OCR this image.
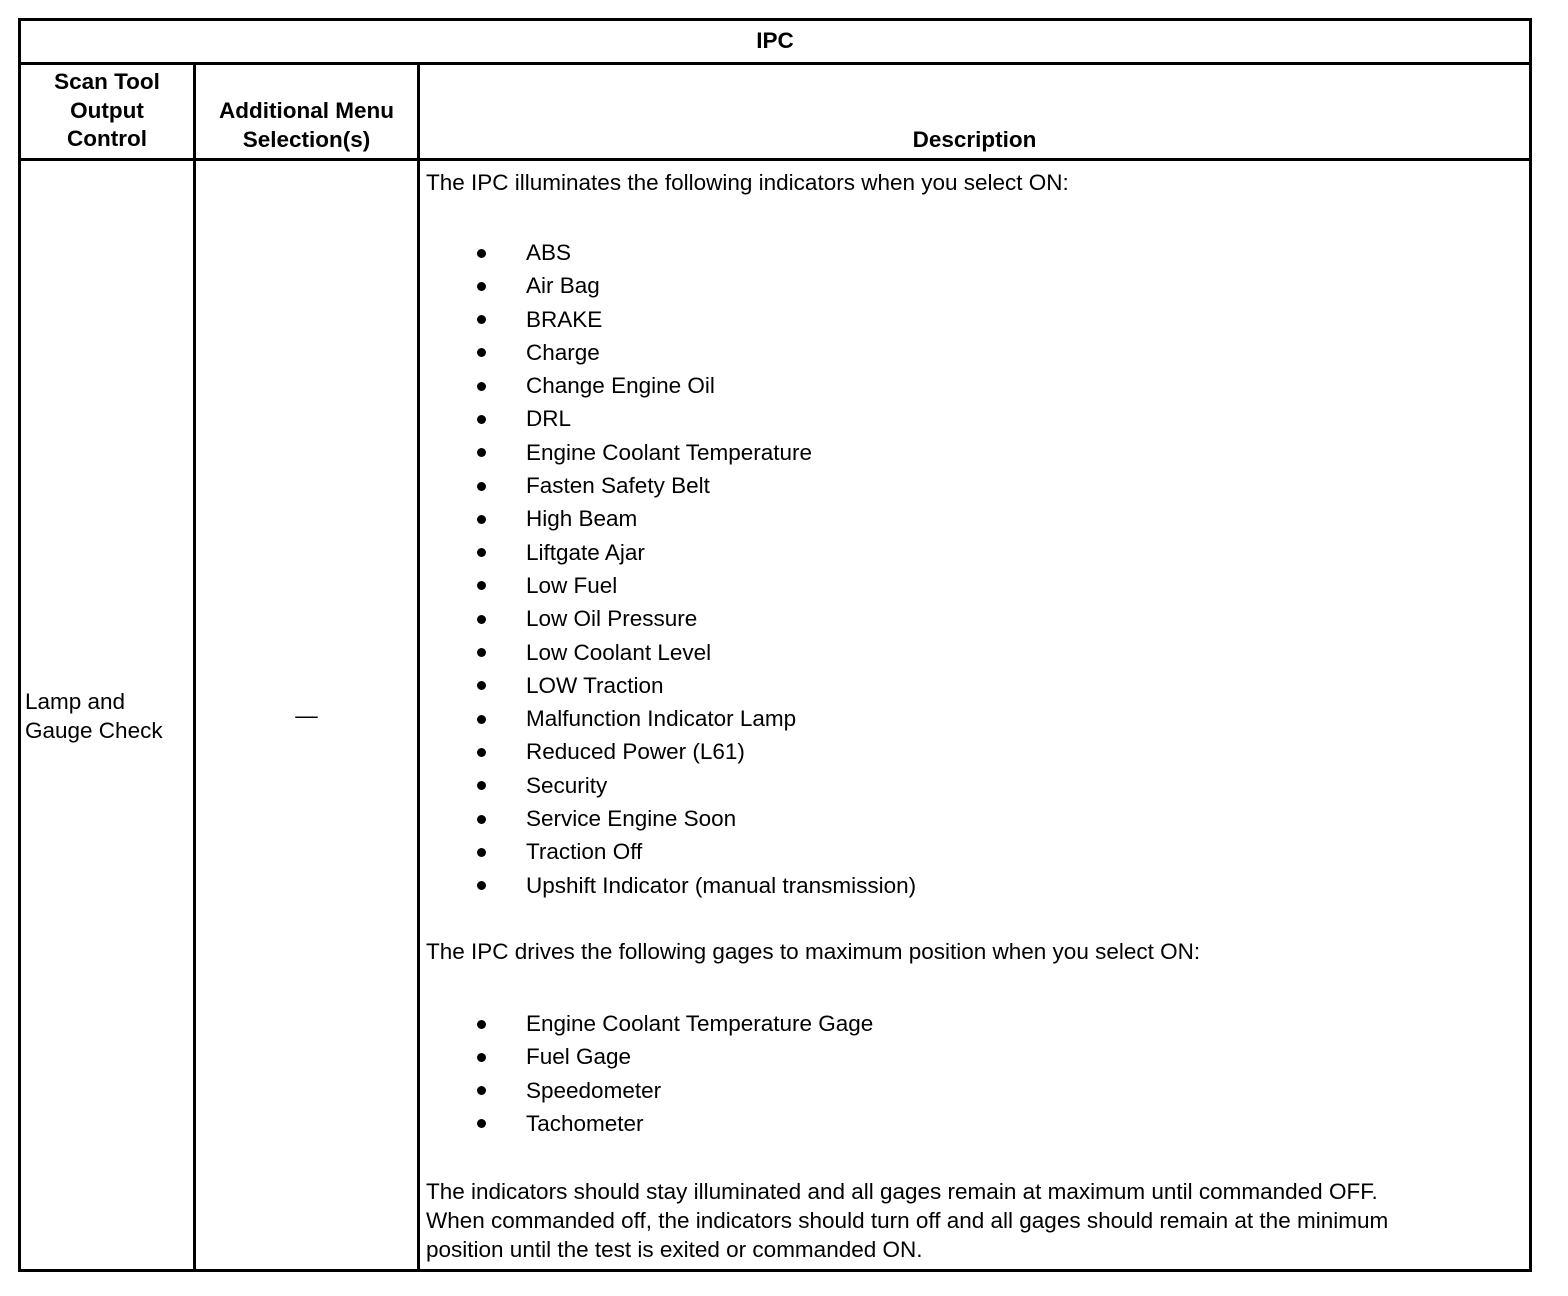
IPC
Scan Tool
Output
Control
Additional Menu
Selection(s)	Description
Lamp and
Gauge Check
—
The IPC illuminates the following indicators when you select ON:
ABS
Air Bag
BRAKE
Charge
Change Engine Oil
DRL
Engine Coolant Temperature
Fasten Safety Belt
High Beam
Liftgate Ajar
Low Fuel
Low Oil Pressure
Low Coolant Level
LOW Traction
Malfunction Indicator Lamp
Reduced Power (L61)
Security
Service Engine Soon
Traction Off
Upshift Indicator (manual transmission)
The IPC drives the following gages to maximum position when you select ON:
Engine Coolant Temperature Gage
Fuel Gage
Speedometer
Tachometer
The indicators should stay illuminated and all gages remain at maximum until commanded OFF.
When commanded off, the indicators should turn off and all gages should remain at the minimum
position until the test is exited or commanded ON.
